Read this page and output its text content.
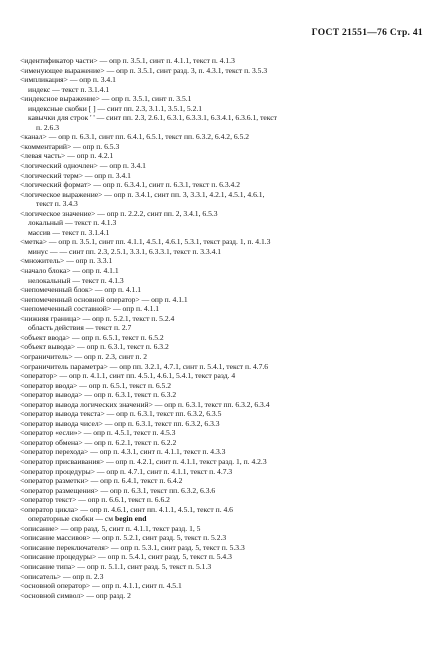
ГОСТ 21551—76 Стр. 41
<идентификатор части> — опр п. 3.5.1, синт п. 4.1.1, текст п. 4.1.3
<именующее выражение> — опр п. 3.5.1, синт разд. 3, п. 4.3.1, текст п. 3.5.3
<импликация> — опр п. 3.4.1
индекс — текст п. 3.1.4.1
<индексное выражение> — опр п. 3.5.1, синт п. 3.5.1
индексные скобки [ ] — синт пп. 2.3, 3.1.1, 3.5.1, 5.2.1
кавычки для строк ' ' — синт пп. 2.3, 2.6.1, 6.3.1, 6.3.3.1, 6.3.4.1, 6.3.6.1, текст
п. 2.6.3
<канал> — опр п. 6.3.1, синт пп. 6.4.1, 6.5.1, текст пп. 6.3.2, 6.4.2, 6.5.2
<комментарий> — опр п. 6.5.3
<левая часть> — опр п. 4.2.1
<логический одночлен> — опр п. 3.4.1
<логический терм> — опр п. 3.4.1
<логический формат> — опр п. 6.3.4.1, синт п. 6.3.1, текст п. 6.3.4.2
<логическое выражение> — опр п. 3.4.1, синт пп. 3, 3.3.1, 4.2.1, 4.5.1, 4.6.1,
текст п. 3.4.3
<логическое значение> — опр п. 2.2.2, синт пп. 2, 3.4.1, 6.5.3
локальный — текст п. 4.1.3
массив — текст п. 3.1.4.1
<метка> — опр п. 3.5.1, синт пп. 4.1.1, 4.5.1, 4.6.1, 5.3.1, текст разд. 1, п. 4.1.3
минус — — синт пп. 2.3, 2.5.1, 3.3.1, 6.3.3.1, текст п. 3.3.4.1
<множитель> — опр п. 3.3.1
<начало блока> — опр п. 4.1.1
нелокальный — текст п. 4.1.3
<непомеченный блок> — опр п. 4.1.1
<непомеченный основной оператор> — опр п. 4.1.1
<непомеченный составной> — опр п. 4.1.1
<нижняя граница> — опр п. 5.2.1, текст п. 5.2.4
область действия — текст п. 2.7
<объект ввода> — опр п. 6.5.1, текст п. 6.5.2
<объект вывода> — опр п. 6.3.1, текст п. 6.3.2
<ограничитель> — опр п. 2.3, синт п. 2
<ограничитель параметра> — опр пп. 3.2.1, 4.7.1, синт п. 5.4.1, текст п. 4.7.6
<оператор> — опр п. 4.1.1, синт пп. 4.5.1, 4.6.1, 5.4.1, текст разд. 4
<оператор ввода> — опр п. 6.5.1, текст п. 6.5.2
<оператор вывода> — опр п. 6.3.1, текст п. 6.3.2
<оператор вывода логических значений> — опр п. 6.3.1, текст пп. 6.3.2, 6.3.4
<оператор вывода текста> — опр п. 6.3.1, текст пп. 6.3.2, 6.3.5
<оператор вывода чисел> — опр п. 6.3.1, текст пп. 6.3.2, 6.3.3
<оператор «если»> — опр п. 4.5.1, текст п. 4.5.3
<оператор обмена> — опр п. 6.2.1, текст п. 6.2.2
<оператор перехода> — опр п. 4.3.1, синт п. 4.1.1, текст п. 4.3.3
<оператор присваивания> — опр п. 4.2.1, синт п. 4.1.1, текст разд. 1, п. 4.2.3
<оператор процедуры> — опр п. 4.7.1, синт п. 4.1.1, текст п. 4.7.3
<оператор разметки> — опр п. 6.4.1, текст п. 6.4.2
<оператор размещения> — опр п. 6.3.1, текст пп. 6.3.2, 6.3.6
<оператор текст> — опр п. 6.6.1, текст п. 6.6.2
<оператор цикла> — опр п. 4.6.1, синт пп. 4.1.1, 4.5.1, текст п. 4.6
операторные скобки — см begin end
<описание> — опр разд. 5, синт п. 4.1.1, текст разд. 1, 5
<описание массивов> — опр п. 5.2.1, синт разд. 5, текст п. 5.2.3
<описание переключателя> — опр п. 5.3.1, синт разд. 5, текст п. 5.3.3
<описание процедуры> — опр п. 5.4.1, синт разд. 5, текст п. 5.4.3
<описание типа> — опр п. 5.1.1, синт разд. 5, текст п. 5.1.3
<описатель> — опр п. 2.3
<основной оператор> — опр п. 4.1.1, синт п. 4.5.1
<основной символ> — опр разд. 2
